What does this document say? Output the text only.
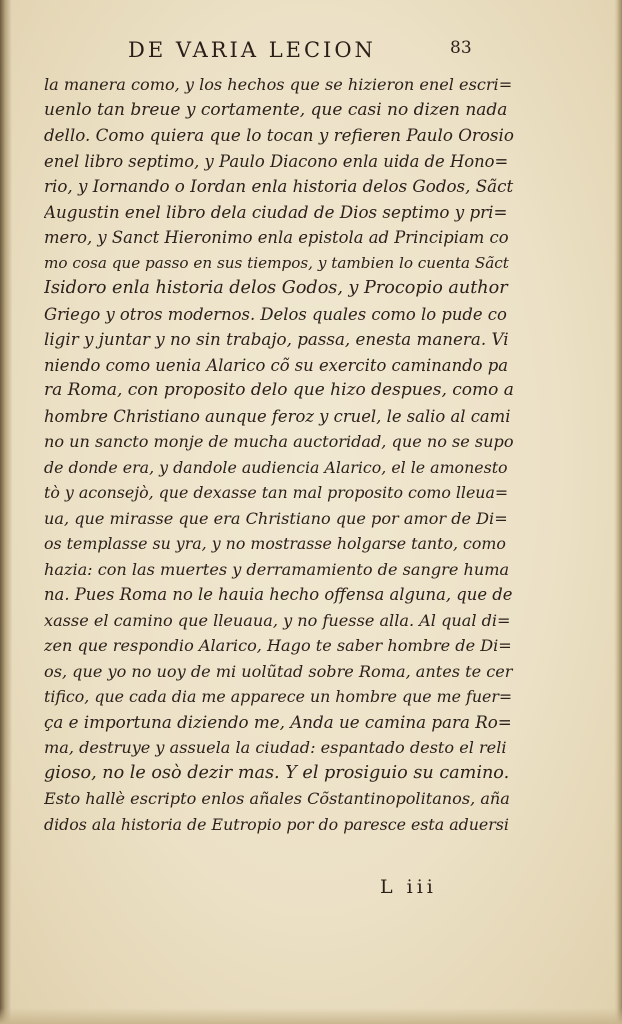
DE VARIA LECION	83
la manera como, y los hechos que se hizieron enel escri=
uenlo tan breue y cortamente, que casi no dizen nada
dello. Como quiera que lo tocan y refieren Paulo Orosio
enel libro septimo, y Paulo Diacono enla uida de Hono=
rio, y Iornando o Iordan enla historia delos Godos, Sãct
Augustin enel libro dela ciudad de Dios septimo y pri=
mero, y Sanct Hieronimo enla epistola ad Principiam co
mo cosa que passo en sus tiempos, y tambien lo cuenta Sãct
Isidoro enla historia delos Godos, y Procopio author
Griego y otros modernos. Delos quales como lo pude co
ligir y juntar y no sin trabajo, passa, enesta manera. Vi
niendo como uenia Alarico cõ su exercito caminando pa
ra Roma, con proposito delo que hizo despues, como a
hombre Christiano aunque feroz y cruel, le salio al cami
no un sancto monje de mucha auctoridad, que no se supo
de donde era, y dandole audiencia Alarico, el le amonesto
tò y aconsejò, que dexasse tan mal proposito como lleua=
ua, que mirasse que era Christiano que por amor de Di=
os templasse su yra, y no mostrasse holgarse tanto, como
hazia: con las muertes y derramamiento de sangre huma
na. Pues Roma no le hauia hecho offensa alguna, que de
xasse el camino que lleuaua, y no fuesse alla. Al qual di=
zen que respondio Alarico, Hago te saber hombre de Di=
os, que yo no uoy de mi uolũtad sobre Roma, antes te cer
tifico, que cada dia me apparece un hombre que me fuer=
ça e importuna diziendo me, Anda ue camina para Ro=
ma, destruye y assuela la ciudad: espantado desto el reli
gioso, no le osò dezir mas. Y el prosiguio su camino.
Esto hallè escripto enlos añales Cõstantinopolitanos, aña
didos ala historia de Eutropio por do paresce esta aduersi
L iii
